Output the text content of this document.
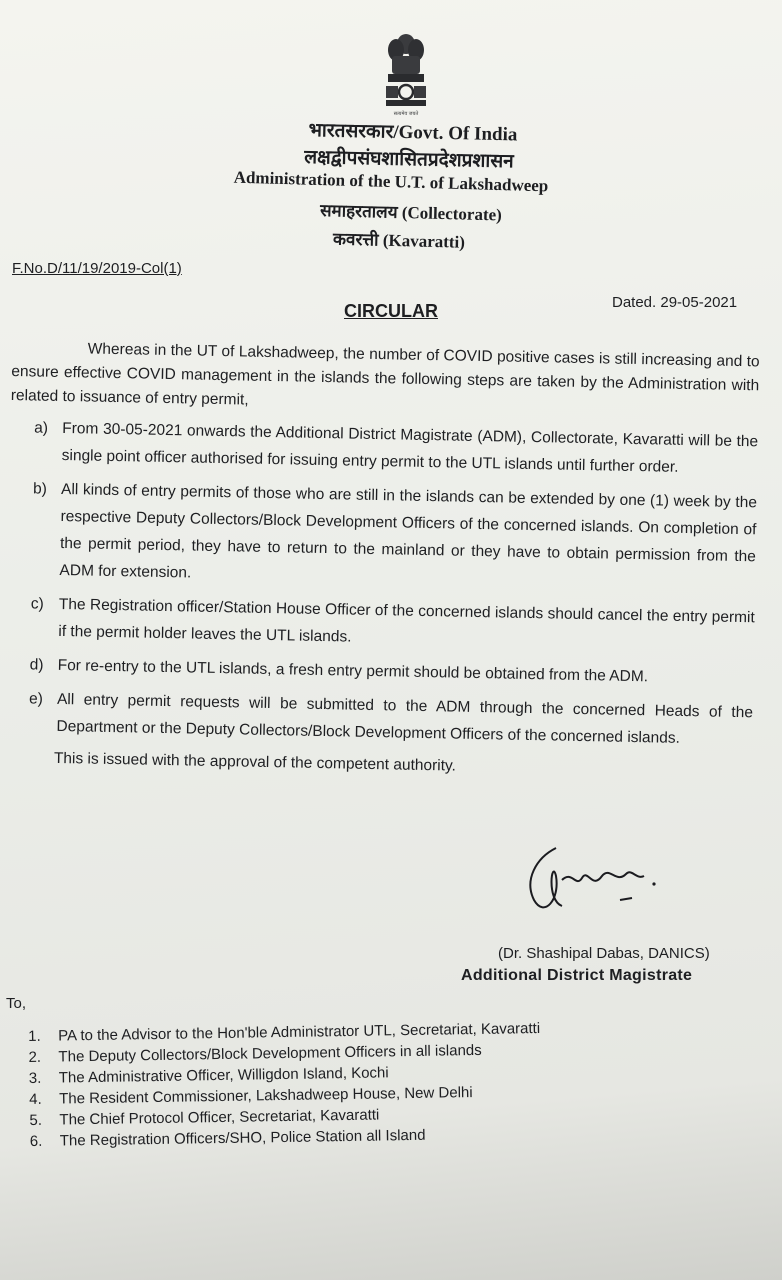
सत्यमेव जयते
भारतसरकार/Govt. Of India
लक्षद्वीपसंघशासितप्रदेशप्रशासन
Administration of the U.T. of Lakshadweep
समाहरतालय (Collectorate)
कवरत्ती (Kavaratti)
F.No.D/11/19/2019-Col(1)
CIRCULAR	Dated. 29-05-2021

Whereas in the UT of Lakshadweep, the number of COVID positive cases is still increasing and to ensure effective COVID management in the islands the following steps are taken by the Administration with related to issuance of entry permit,

a) From 30-05-2021 onwards the Additional District Magistrate (ADM), Collectorate, Kavaratti will be the single point officer authorised for issuing entry permit to the UTL islands until further order.
b) All kinds of entry permits of those who are still in the islands can be extended by one (1) week by the respective Deputy Collectors/Block Development Officers of the concerned islands. On completion of the permit period, they have to return to the mainland or they have to obtain permission from the ADM for extension.
c) The Registration officer/Station House Officer of the concerned islands should cancel the entry permit if the permit holder leaves the UTL islands.
d) For re-entry to the UTL islands, a fresh entry permit should be obtained from the ADM.
e) All entry permit requests will be submitted to the ADM through the concerned Heads of the Department or the Deputy Collectors/Block Development Officers of the concerned islands.
This is issued with the approval of the competent authority.
(Dr. Shashipal Dabas, DANICS)
Additional District Magistrate
To,
1. PA to the Advisor to the Hon'ble Administrator UTL, Secretariat, Kavaratti
2. The Deputy Collectors/Block Development Officers in all islands
3. The Administrative Officer, Willigdon Island, Kochi
4. The Resident Commissioner, Lakshadweep House, New Delhi
5. The Chief Protocol Officer, Secretariat, Kavaratti
6. The Registration Officers/SHO, Police Station all Island
